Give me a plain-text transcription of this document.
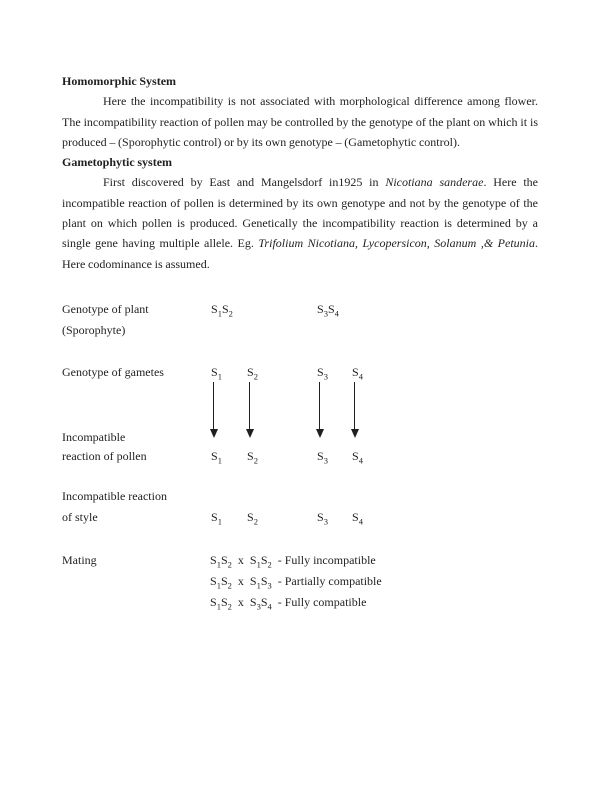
Homomorphic System

Here the incompatibility is not associated with morphological difference among flower. The incompatibility reaction of pollen may be controlled by the genotype of the plant on which it is produced – (Sporophytic control) or by its own genotype – (Gametophytic control).

Gametophytic system

First discovered by East and Mangelsdorf in1925 in Nicotiana sanderae. Here the incompatible reaction of pollen is determined by its own genotype and not by the genotype of the plant on which pollen is produced. Genetically the incompatibility reaction is determined by a single gene having multiple allele. Eg. Trifolium Nicotiana, Lycopersicon, Solanum ,& Petunia. Here codominance is assumed.

Genotype of plant	$S_1S_2$	$S_3S_4$
(Sporophyte)
Genotype of gametes	$S_1$ $S_2$	$S_3$ $S_4$
Incompatible
reaction of pollen	$S_1$ $S_2$	$S_3$ $S_4$
Incompatible reaction
of style	$S_1$ $S_2$	$S_3$ $S_4$
Mating	$S_1S_2$  x  $S_1S_2$  - Fully incompatible
$S_1S_2$  x  $S_1S_3$  - Partially compatible
$S_1S_2$  x  $S_3S_4$  - Fully compatible
